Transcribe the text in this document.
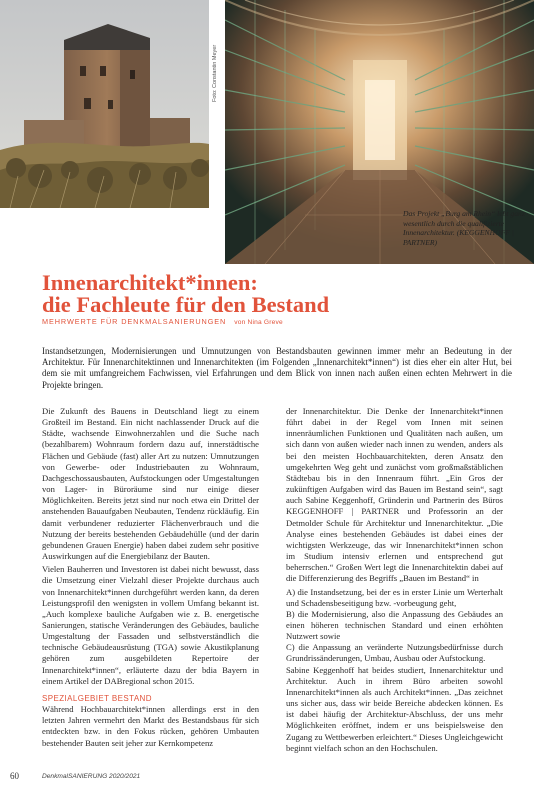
Foto: Constantin Meyer
Das Projekt „Burg am Rhein“ lebt ganz wesentlich durch die qualifizierte Innenarchitektur. (KEGGENHOFF | PARTNER)
Innenarchitekt*innen:
die Fachleute für den Bestand
MEHRWERTE FÜR DENKMALSANIERUNGEN von Nina Greve

Instandsetzungen, Modernisierungen und Umnutzungen von Bestandsbauten gewinnen immer mehr an Bedeutung in der Architektur. Für Innenarchitektinnen und Innenarchitekten (im Folgenden „Innenarchitekt*innen“) ist dies eher ein alter Hut, bei dem sie mit umfangreichem Fachwissen, viel Erfahrungen und dem Blick von innen nach außen einen echten Mehrwert in die Projekte bringen.

Die Zukunft des Bauens in Deutschland liegt zu einem Großteil im Bestand. Ein nicht nachlassender Druck auf die Städte, wachsende Einwohnerzahlen und die Suche nach (bezahlbarem) Wohnraum fordern dazu auf, innerstädtische Flächen und Gebäude (fast) aller Art zu nutzen: Umnutzungen von Gewerbe- oder Industriebauten zu Wohnraum, Dachgeschossausbauten, Aufstockungen oder Umgestaltungen von Lager- in Büroräume sind nur einige dieser Möglichkeiten. Bereits jetzt sind nur noch etwa ein Drittel der anstehenden Bauaufgaben Neubauten, Tendenz rückläufig. Ein damit verbundener reduzierter Flächenverbrauch und die Nutzung der bereits bestehenden Gebäudehülle (und der darin gebundenen Grauen Energie) haben dabei zudem sehr positive Auswirkungen auf die Energiebilanz der Bauten.

Vielen Bauherren und Investoren ist dabei nicht bewusst, dass die Umsetzung einer Vielzahl dieser Projekte durchaus auch von Innenarchitekt*innen durchgeführt werden kann, da deren Leistungsprofil den wenigsten in vollem Umfang bekannt ist. „Auch komplexe bauliche Aufgaben wie z. B. energetische Sanierungen, statische Veränderungen des Gebäudes, bauliche Umgestaltung der Fassaden und selbstverständlich die technische Gebäudeausrüstung (TGA) sowie Akustikplanung gehören zum ausgebildeten Repertoire der Innenarchitekt*innen“, erläuterte dazu der bdia Bayern in einem Artikel der DABregional schon 2015.

SPEZIALGEBIET BESTAND

Während Hochbauarchitekt*innen allerdings erst in den letzten Jahren vermehrt den Markt des Bestandsbaus für sich entdeckten bzw. in den Fokus rücken, gehören Umbauten bestehender Bauten seit jeher zur Kernkompetenz

der Innenarchitektur. Die Denke der Innenarchitekt*innen führt dabei in der Regel vom Innen mit seinen innenräumlichen Funktionen und Qualitäten nach außen, um sich dann von außen wieder nach innen zu wenden, anders als bei den meisten Hochbauarchitekten, deren Ansatz den umgekehrten Weg geht und zunächst vom großmaßstäblichen Städtebau bis in den Innenraum führt. „Ein Gros der zukünftigen Aufgaben wird das Bauen im Bestand sein“, sagt auch Sabine Keggenhoff, Gründerin und Partnerin des Büros KEGGENHOFF | PARTNER und Professorin an der Detmolder Schule für Architektur und Innenarchitektur. „Die Analyse eines bestehenden Gebäudes ist dabei eines der wichtigsten Werkzeuge, das wir Innenarchitekt*innen schon im Studium intensiv erlernen und entsprechend gut beherrschen.“ Großen Wert legt die Innenarchitektin dabei auf die Differenzierung des Begriffs „Bauen im Bestand“ in

A) die Instandsetzung, bei der es in erster Linie um Werterhalt und Schadensbeseitigung bzw. -vorbeugung geht,

B) die Modernisierung, also die Anpassung des Gebäudes an einen höheren technischen Standard und einen erhöhten Nutzwert sowie

C) die Anpassung an veränderte Nutzungsbedürfnisse durch Grundrissänderungen, Umbau, Ausbau oder Aufstockung.

Sabine Keggenhoff hat beides studiert, Innenarchitektur und Architektur. Auch in ihrem Büro arbeiten sowohl Innenarchitekt*innen als auch Architekt*innen. „Das zeichnet uns sicher aus, dass wir beide Bereiche abdecken können. Es ist dabei häufig der Architektur-Abschluss, der uns mehr Möglichkeiten eröffnet, indem er uns beispielsweise den Zugang zu Wettbewerben erleichtert.“ Dieses Ungleichgewicht beginnt vielfach schon an den Hochschulen.

60	DenkmalSANIERUNG 2020/2021
